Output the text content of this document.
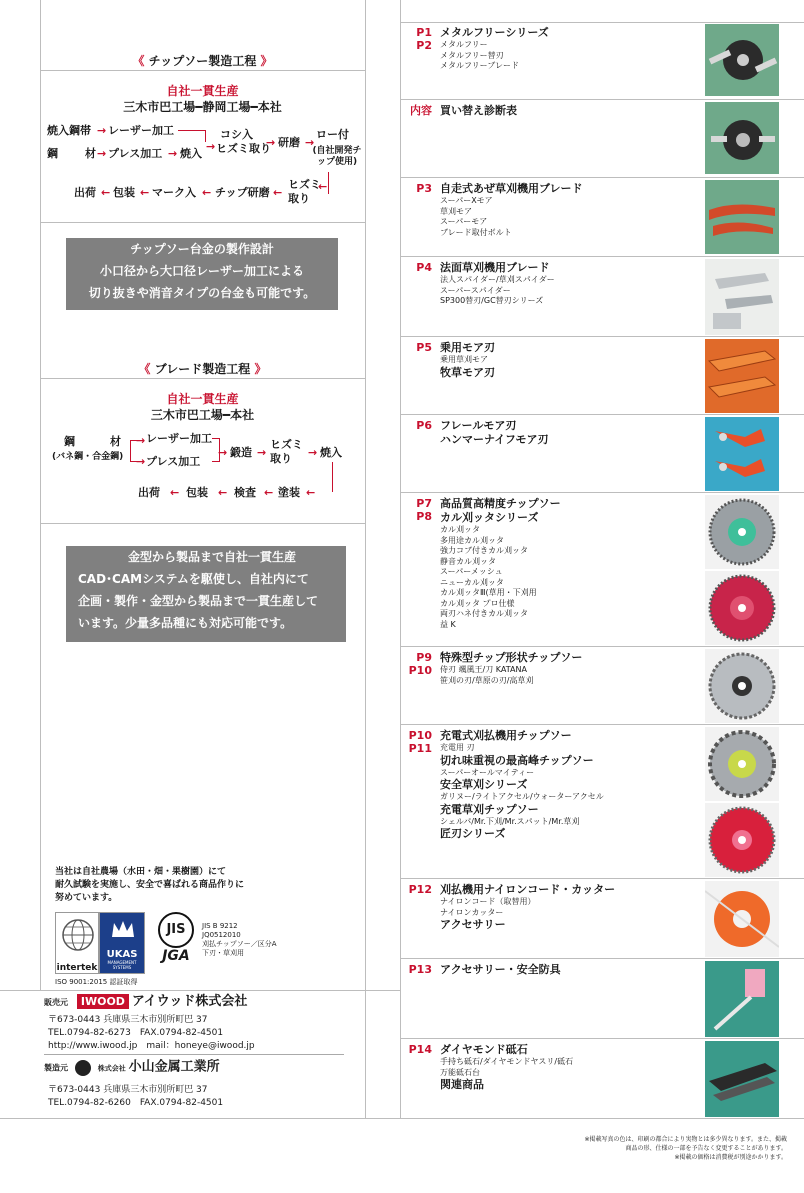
《 チップソー製造工程 》
自社一貫生産
三木市巴工場━静岡工場━本社
焼入鋼帯 → レーザー加工
鋼 材 → プレス加工 → 焼入
→
コシ入
ヒズミ取り
→ 研磨 →
ロー付
(自社開発チップ使用)
←
ヒズミ
取り
←
チップ研磨
←
マーク入
←
包装
←
出荷
チップソー台金の製作設計
小口径から大口径レーザー加工による
切り抜きや消音タイプの台金も可能です。
《 ブレード製造工程 》
自社一貫生産
三木市巴工場━本社
鋼	材
(バネ鋼・合金鋼)
→ レーザー加工
→ プレス加工
→ 鍛造 →
ヒズミ
取り → 焼入
←
塗装
←
検査
←
包装
←
出荷
金型から製品まで自社一貫生産
CAD･CAMシステムを駆使し、自社内にて
企画・製作・金型から製品まで一貫生産して
います。少量多品種にも対応可能です。
当社は自社農場（水田・畑・果樹園）にて
耐久試験を実施し、安全で喜ばれる商品作りに
努めています。
intertek
UKAS
MANAGEMENT SYSTEMS
ISO 9001:2015 認証取得
JIS
JGA
JIS B 9212
JQ0512010
刈払チップソー／区分A
下刃・草刈用
販売元 IWOOD アイウッド株式会社
〒673-0443 兵庫県三木市別所町巴 37
TEL.0794-82-6273　FAX.0794-82-4501
http://www.iwood.jp　mail：honeye@iwood.jp
製造元	株式会社 小山金属工業所
〒673-0443 兵庫県三木市別所町巴 37
TEL.0794-82-6260　FAX.0794-82-4501
P1
P2
メタルフリーシリーズ
メタルフリー
メタルフリー替刃
メタルフリーブレード
内容 買い替え診断表
P3 自走式あぜ草刈機用ブレード
スーパーXモア
草刈モア
スーパーモア
ブレード取付ボルト
P4 法面草刈機用ブレード
法人スパイダー/草刈スパイダー
スーパースパイダー
SP300替刃/GC替刃シリーズ
P5 乗用モア刃
乗用草刈モア
牧草モア刃
P6 フレールモア刃
ハンマーナイフモア刃
P7
P8
高品質高精度チップソー
カル刈ッタシリーズ
カル刈ッタ
多用途カル刈ッタ
強力コブ付きカル刈ッタ
静音カル刈ッタ
スーパーメッシュ
ニューカル刈ッタ
カル刈ッタⅢ(草用・下刈用
カル刈ッタ プロ仕様
両刃ハネ付きカル刈ッタ
益 K
P9
P10
特殊型チップ形状チップソー
侍刃 颯風王/刀 KATANA
笹刈の刃/草原の刃/高草刈
P10
P11
充電式刈払機用チップソー
充電用 刃
切れ味重視の最高峰チップソー
スーパーオールマイティー
安全草刈シリーズ
ガリヌー/ライトアクセル/ウォーターアクセル
充電草刈チップソー
シェルパ/Mr.下刈/Mr.スパット/Mr.草刈
匠刃シリーズ
P12 刈払機用ナイロンコード・カッター
ナイロンコード（取替用）
ナイロンカッター
アクセサリー
P13 アクセサリー・安全防具
P14 ダイヤモンド砥石
手持ち砥石/ダイヤモンドヤスリ/砥石
万能砥石台
関連商品
※掲載写真の色は、印刷の都合により実物とは多少異なります。また、掲載
商品の形、仕様の一部を予告なく変更することがあります。
※掲載の価格は消費税が別途かかります。
